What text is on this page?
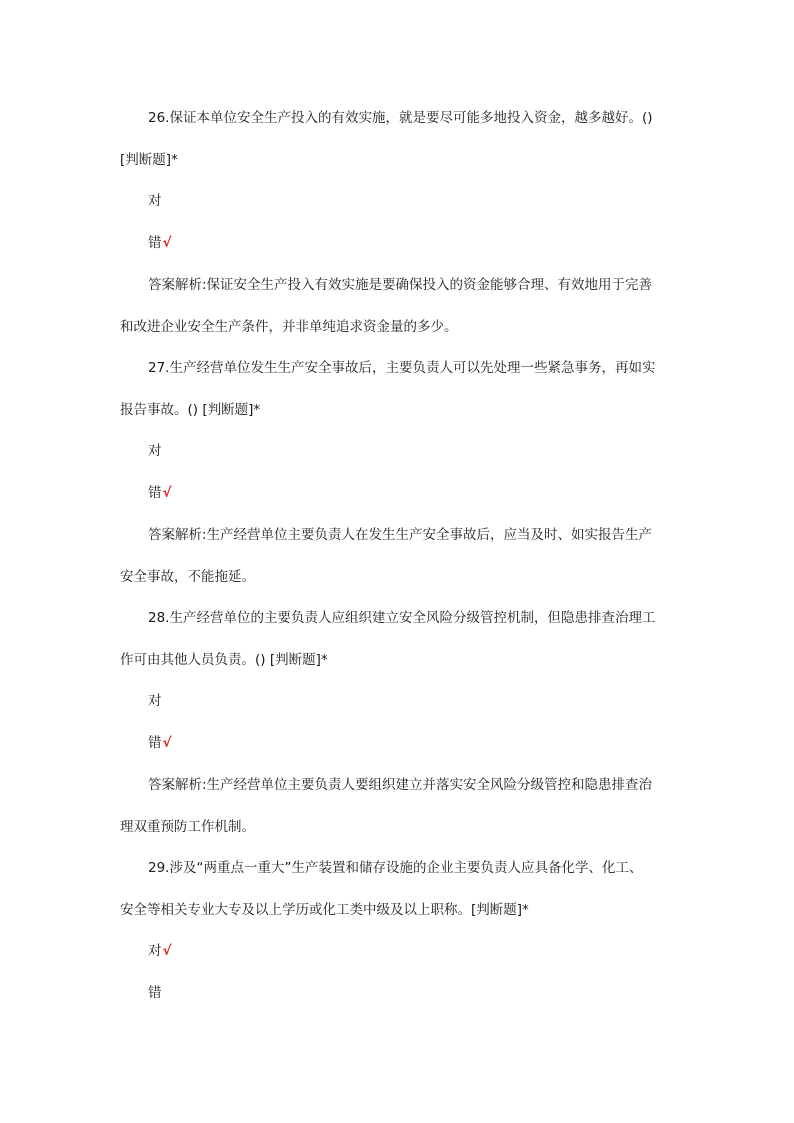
26.保证本单位安全生产投入的有效实施，就是要尽可能多地投入资金，越多越好。()
[判断题]*
对
错√
答案解析:保证安全生产投入有效实施是要确保投入的资金能够合理、有效地用于完善
和改进企业安全生产条件，并非单纯追求资金量的多少。
27.生产经营单位发生生产安全事故后，主要负责人可以先处理一些紧急事务，再如实
报告事故。() [判断题]*
对
错√
答案解析:生产经营单位主要负责人在发生生产安全事故后，应当及时、如实报告生产
安全事故，不能拖延。
28.生产经营单位的主要负责人应组织建立安全风险分级管控机制，但隐患排查治理工
作可由其他人员负责。() [判断题]*
对
错√
答案解析:生产经营单位主要负责人要组织建立并落实安全风险分级管控和隐患排查治
理双重预防工作机制。
29.涉及“两重点一重大”生产装置和储存设施的企业主要负责人应具备化学、化工、
安全等相关专业大专及以上学历或化工类中级及以上职称。[判断题]*
对√
错
